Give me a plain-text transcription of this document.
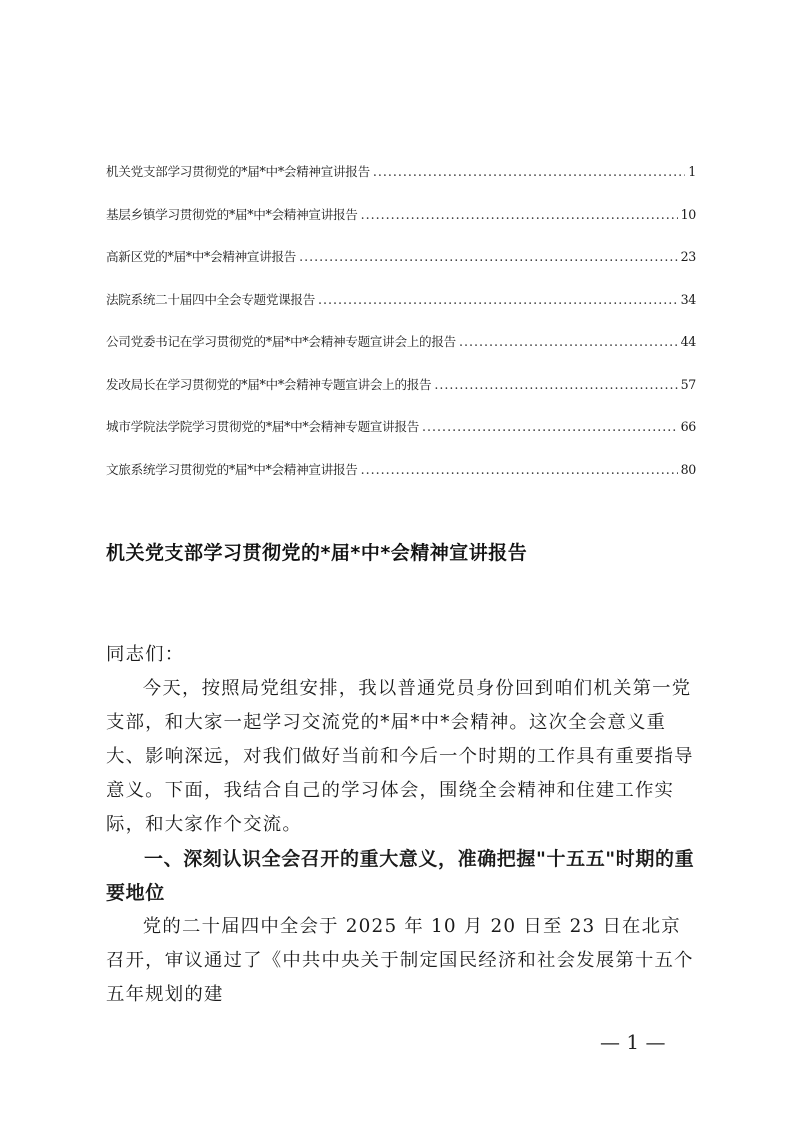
机关党支部学习贯彻党的*届*中*会精神宣讲报告 .....	1
基层乡镇学习贯彻党的*届*中*会精神宣讲报告 .....	10
高新区党的*届*中*会精神宣讲报告 .....	23
法院系统二十届四中全会专题党课报告 .....	34
公司党委书记在学习贯彻党的*届*中*会精神专题宣讲会上的报告 .....	44
发改局长在学习贯彻党的*届*中*会精神专题宣讲会上的报告 .....	57
城市学院法学院学习贯彻党的*届*中*会精神专题宣讲报告 .....	66
文旅系统学习贯彻党的*届*中*会精神宣讲报告 .....	80
机关党支部学习贯彻党的*届*中*会精神宣讲报告

同志们：

今天，按照局党组安排，我以普通党员身份回到咱们机关第一党支部，和大家一起学习交流党的*届*中*会精神。这次全会意义重大、影响深远，对我们做好当前和今后一个时期的工作具有重要指导意义。下面，我结合自己的学习体会，围绕全会精神和住建工作实际，和大家作个交流。

一、深刻认识全会召开的重大意义，准确把握"十五五"时期的重要地位

党的二十届四中全会于 2025 年 10 月 20 日至 23 日在北京召开，审议通过了《中共中央关于制定国民经济和社会发展第十五个五年规划的建

— 1 —
